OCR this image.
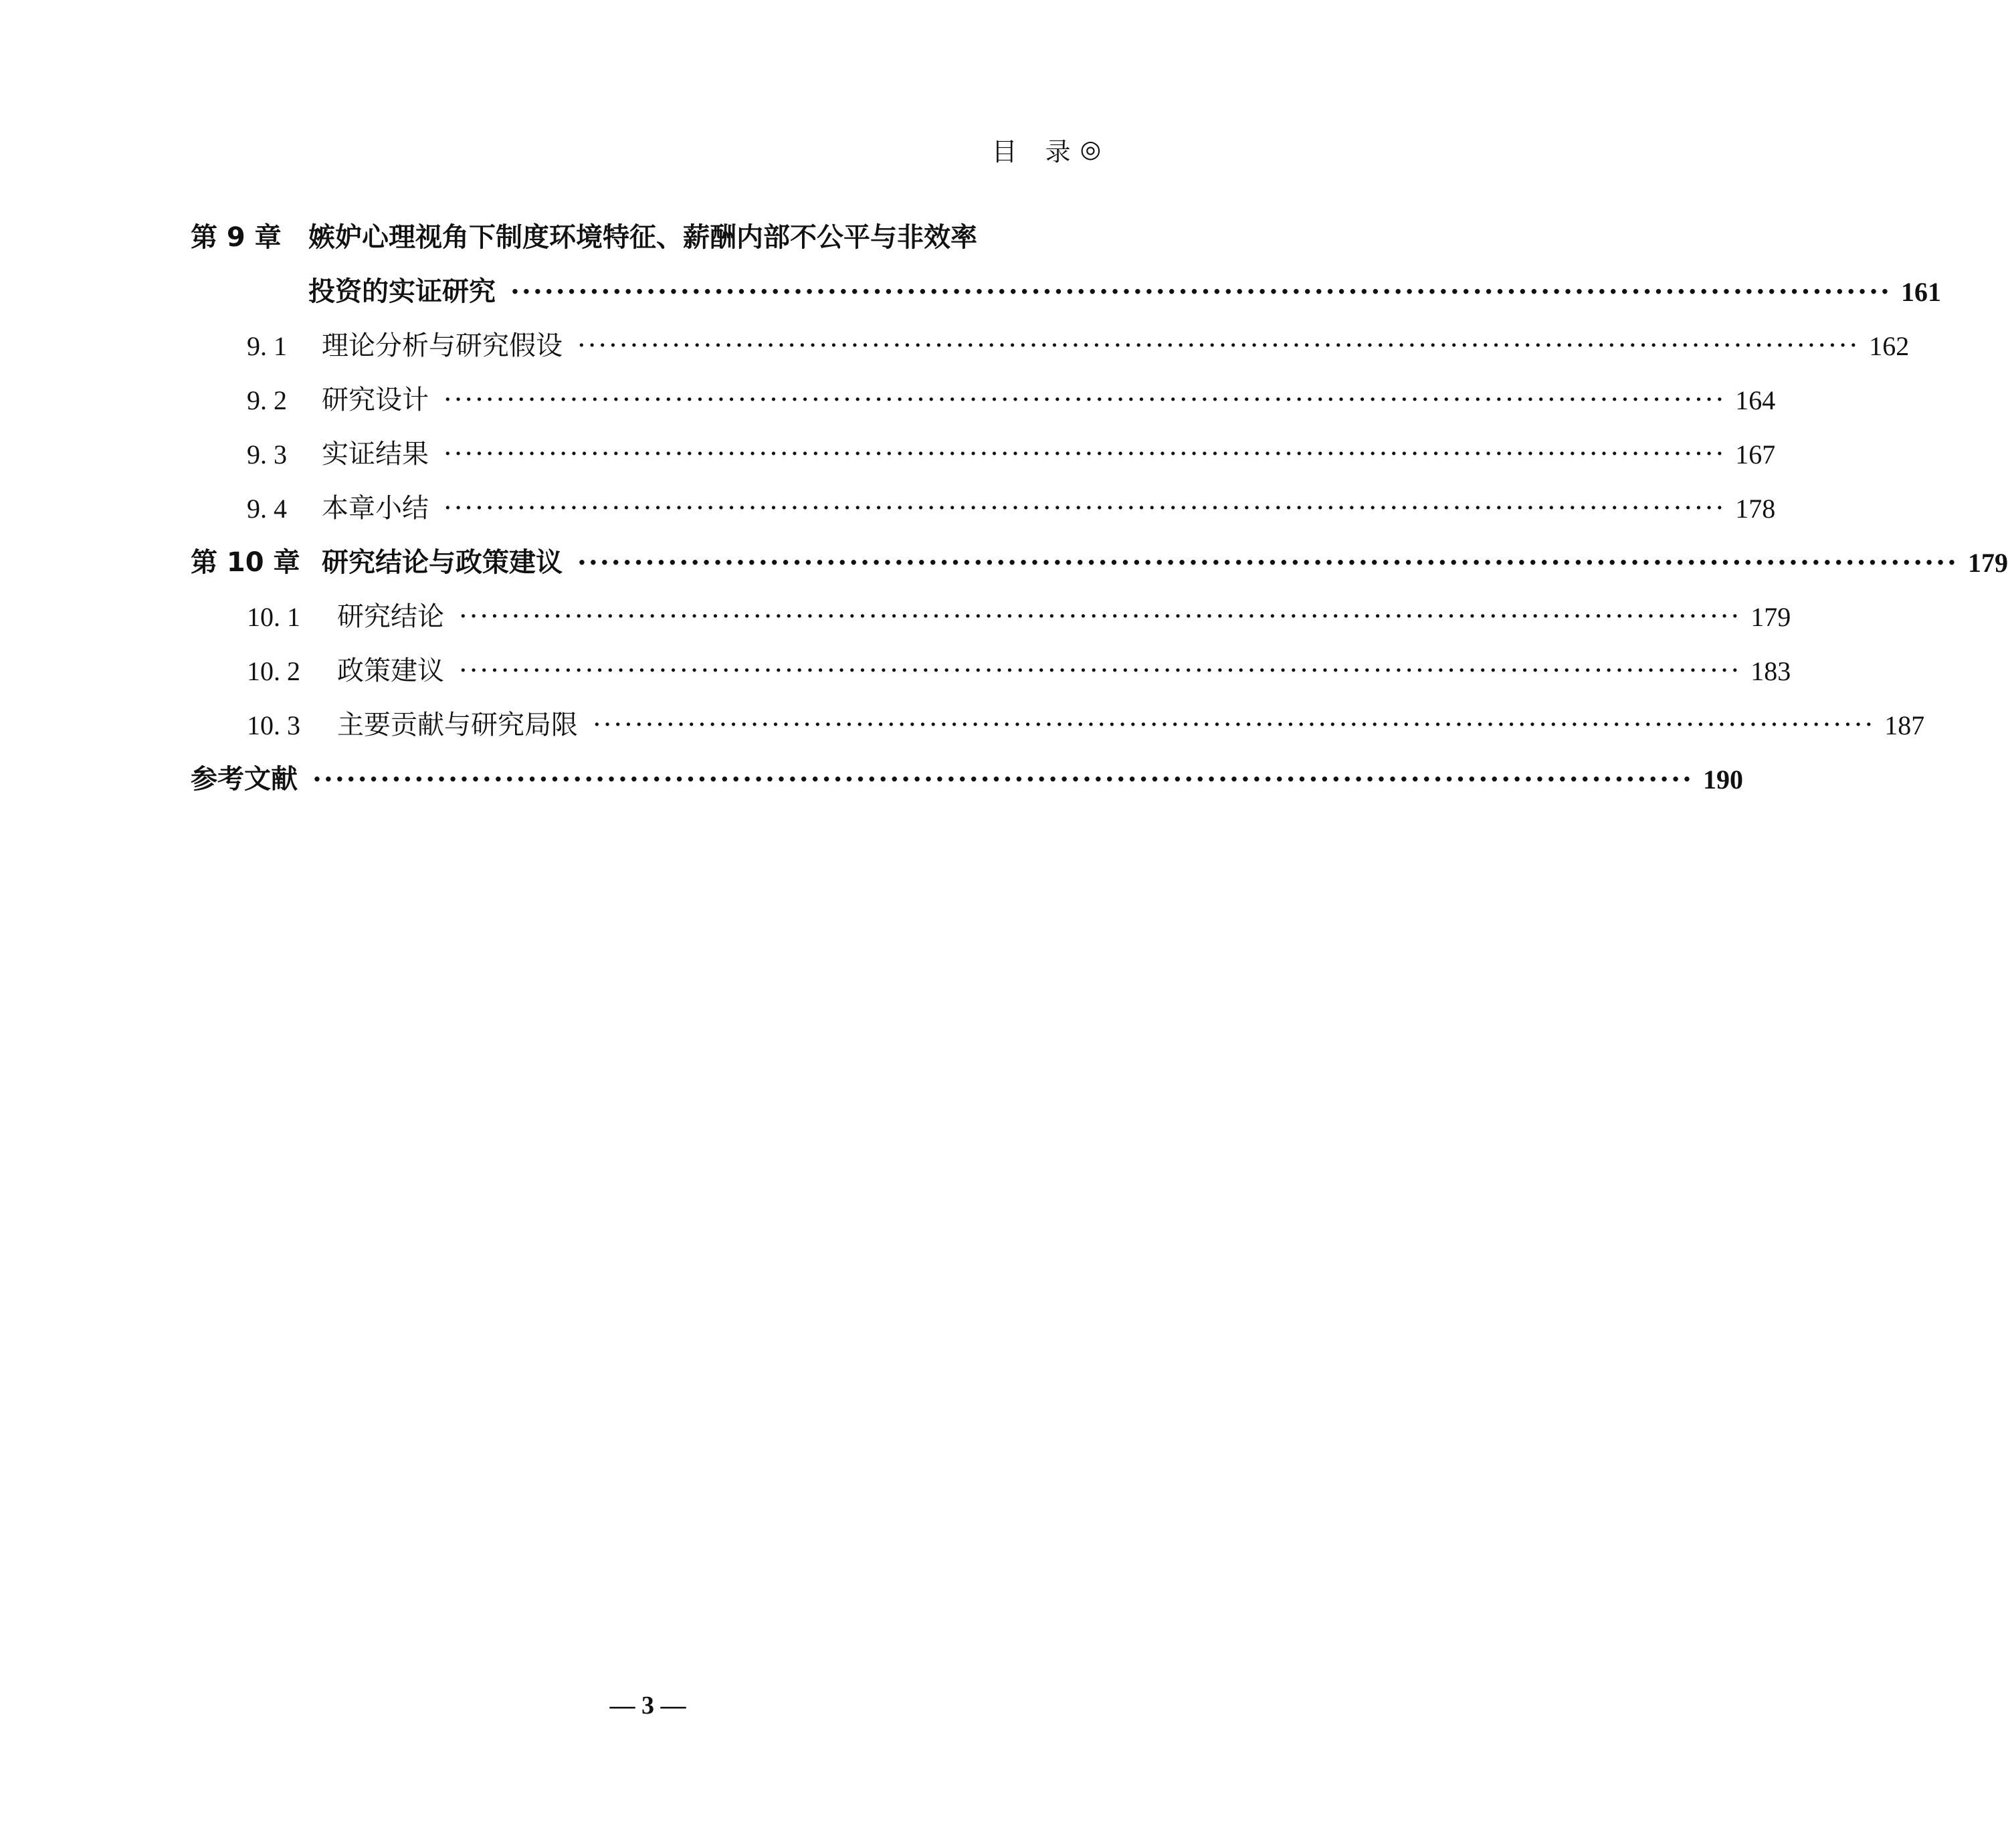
目　录 ◎
第 9 章	嫉妒心理视角下制度环境特征、薪酬内部不公平与非效率
投资的实证研究 ·························································································································· 161
9. 1	理论分析与研究假设 ·························································································································· 162
9. 2	研究设计 ·························································································································· 164
9. 3	实证结果 ·························································································································· 167
9. 4	本章小结 ·························································································································· 178
第 10 章 研究结论与政策建议 ·························································································································· 179
10. 1	研究结论 ·························································································································· 179
10. 2	政策建议 ·························································································································· 183
10. 3	主要贡献与研究局限 ·························································································································· 187
参考文献 ·························································································································· 190
— 3 —
